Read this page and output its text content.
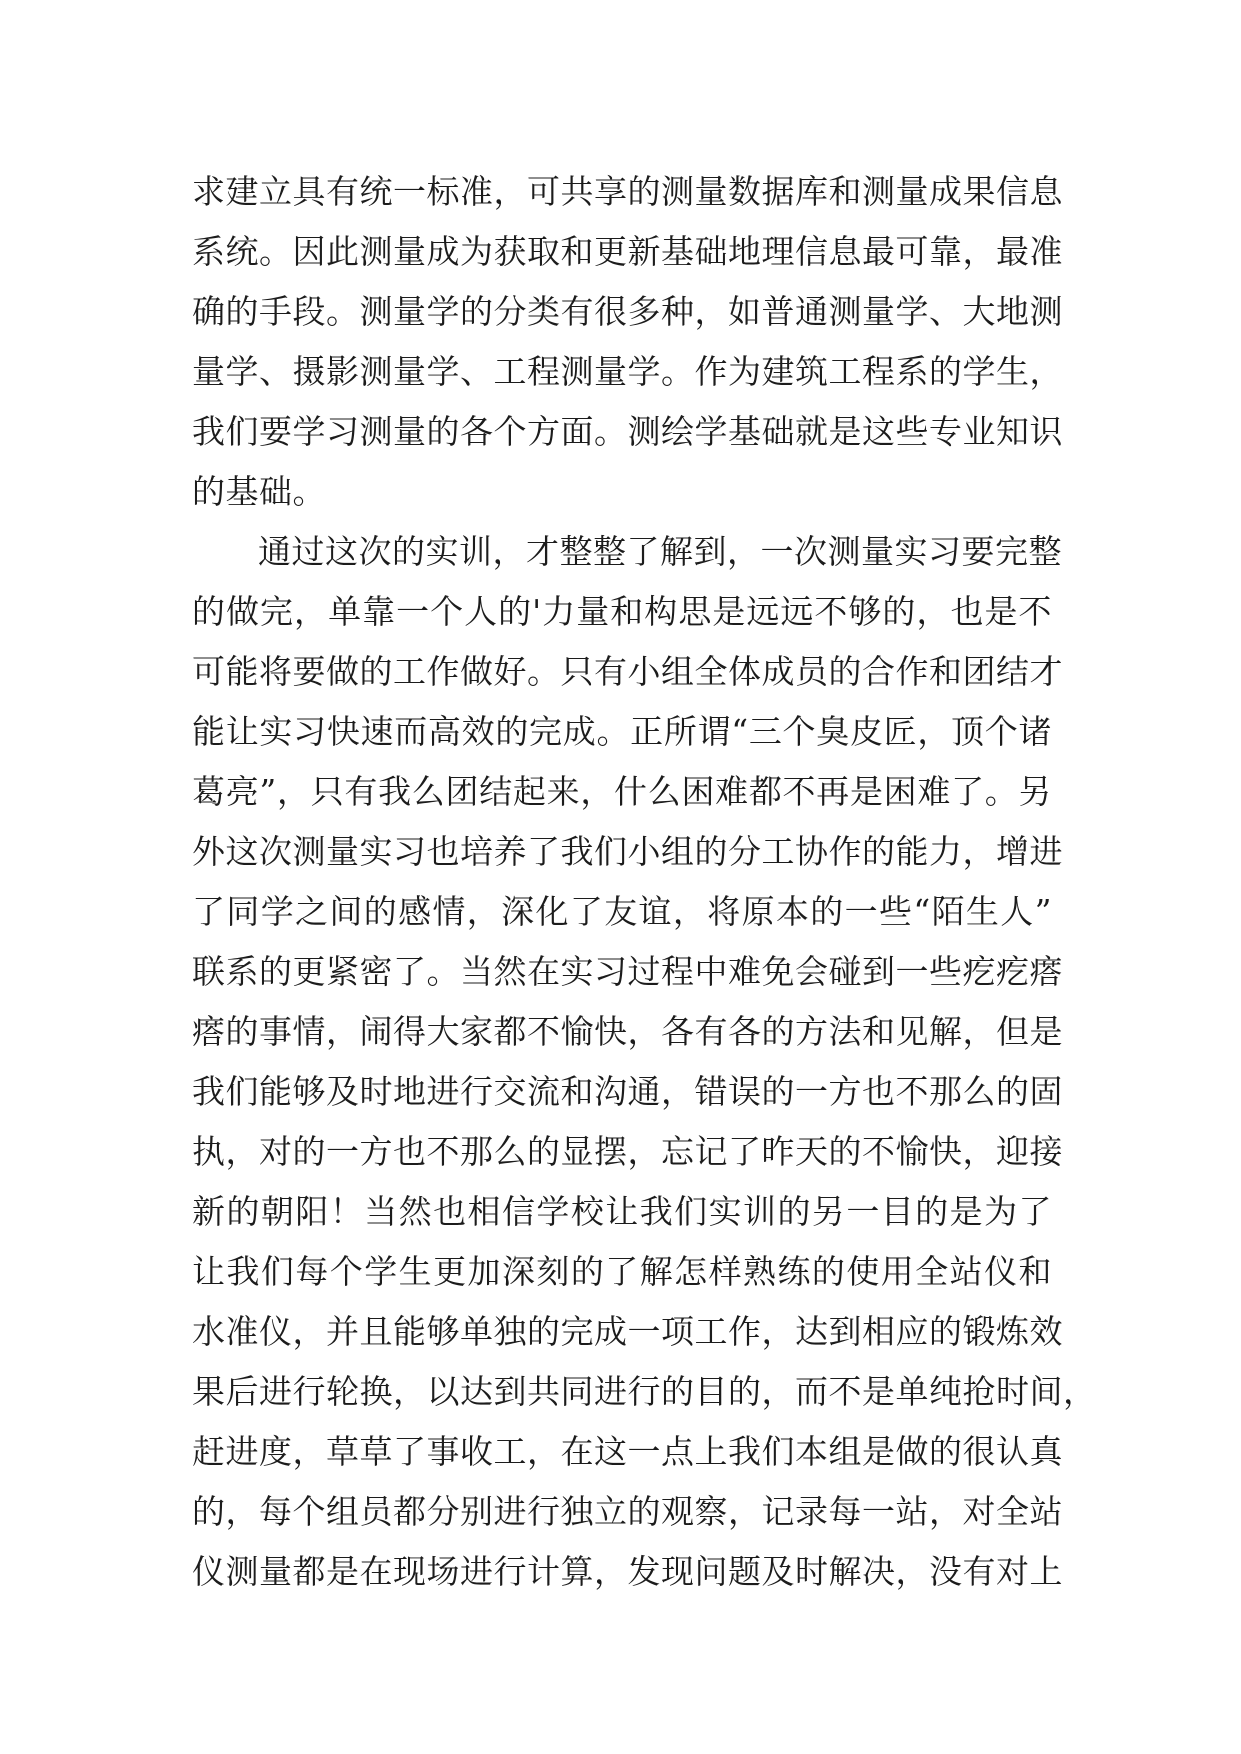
求建立具有统一标准，可共享的测量数据库和测量成果信息
系统。因此测量成为获取和更新基础地理信息最可靠，最准
确的手段。测量学的分类有很多种，如普通测量学、大地测
量学、摄影测量学、工程测量学。作为建筑工程系的学生，
我们要学习测量的各个方面。测绘学基础就是这些专业知识
的基础。
通过这次的实训，才整整了解到，一次测量实习要完整
的做完，单靠一个人的'力量和构思是远远不够的，也是不
可能将要做的工作做好。只有小组全体成员的合作和团结才
能让实习快速而高效的完成。正所谓“三个臭皮匠，顶个诸
葛亮”，只有我么团结起来，什么困难都不再是困难了。另
外这次测量实习也培养了我们小组的分工协作的能力，增进
了同学之间的感情，深化了友谊，将原本的一些“陌生人”
联系的更紧密了。当然在实习过程中难免会碰到一些疙疙瘩
瘩的事情，闹得大家都不愉快，各有各的方法和见解，但是
我们能够及时地进行交流和沟通，错误的一方也不那么的固
执，对的一方也不那么的显摆，忘记了昨天的不愉快，迎接
新的朝阳！当然也相信学校让我们实训的另一目的是为了
让我们每个学生更加深刻的了解怎样熟练的使用全站仪和
水准仪，并且能够单独的完成一项工作，达到相应的锻炼效
果后进行轮换，以达到共同进行的目的，而不是单纯抢时间，
赶进度，草草了事收工，在这一点上我们本组是做的很认真
的，每个组员都分别进行独立的观察，记录每一站，对全站
仪测量都是在现场进行计算，发现问题及时解决，没有对上
